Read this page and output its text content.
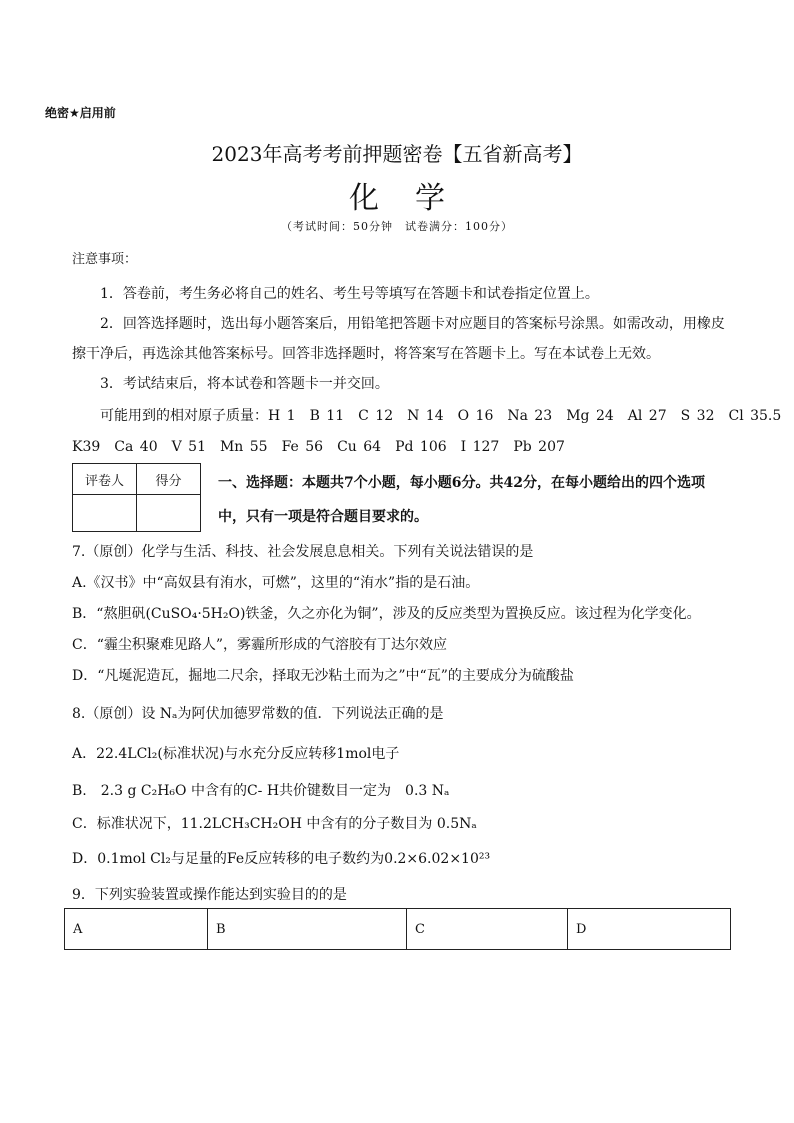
绝密★启用前
2023年高考考前押题密卷【五省新高考】
化学
（考试时间：50分钟　试卷满分：100分）
注意事项：
1．答卷前，考生务必将自己的姓名、考生号等填写在答题卡和试卷指定位置上。
2．回答选择题时，选出每小题答案后，用铅笔把答题卡对应题目的答案标号涂黑。如需改动，用橡皮
擦干净后，再选涂其他答案标号。回答非选择题时，将答案写在答题卡上。写在本试卷上无效。
3．考试结束后，将本试卷和答题卡一并交回。
可能用到的相对原子质量：H 1　B 11　C 12　N 14　O 16　Na 23　Mg 24　Al 27　S 32　Cl 35.5
K39　Ca 40　V 51　Mn 55　Fe 56　Cu 64　Pd 106　I 127　Pb 207
评卷人	得分
		一、选择题：本题共7个小题，每小题6分。共42分，在每小题给出的四个选项
中，只有一项是符合题目要求的。
7.（原创）化学与生活、科技、社会发展息息相关。下列有关说法错误的是
A.《汉书》中“高奴县有洧水，可燃”，这里的“洧水”指的是石油。
B．“熬胆矾(CuSO₄·5H₂O)铁釜，久之亦化为铜”，涉及的反应类型为置换反应。该过程为化学变化。
C．“霾尘积聚难见路人”，雾霾所形成的气溶胶有丁达尔效应
D．“凡埏泥造瓦，掘地二尺余，择取无沙粘土而为之”中“瓦”的主要成分为硫酸盐
8.（原创）设 Nₐ为阿伏加德罗常数的值．下列说法正确的是
A．22.4LCl₂(标准状况)与水充分反应转移1mol电子
B.　2.3 g C₂H₆O 中含有的C- H共价键数目一定为　0.3 Nₐ
C．标准状况下，11.2LCH₃CH₂OH 中含有的分子数目为 0.5Nₐ
D．0.1mol Cl₂与足量的Fe反应转移的电子数约为0.2×6.02×10²³
9．下列实验装置或操作能达到实验目的的是
A	B	C	D
